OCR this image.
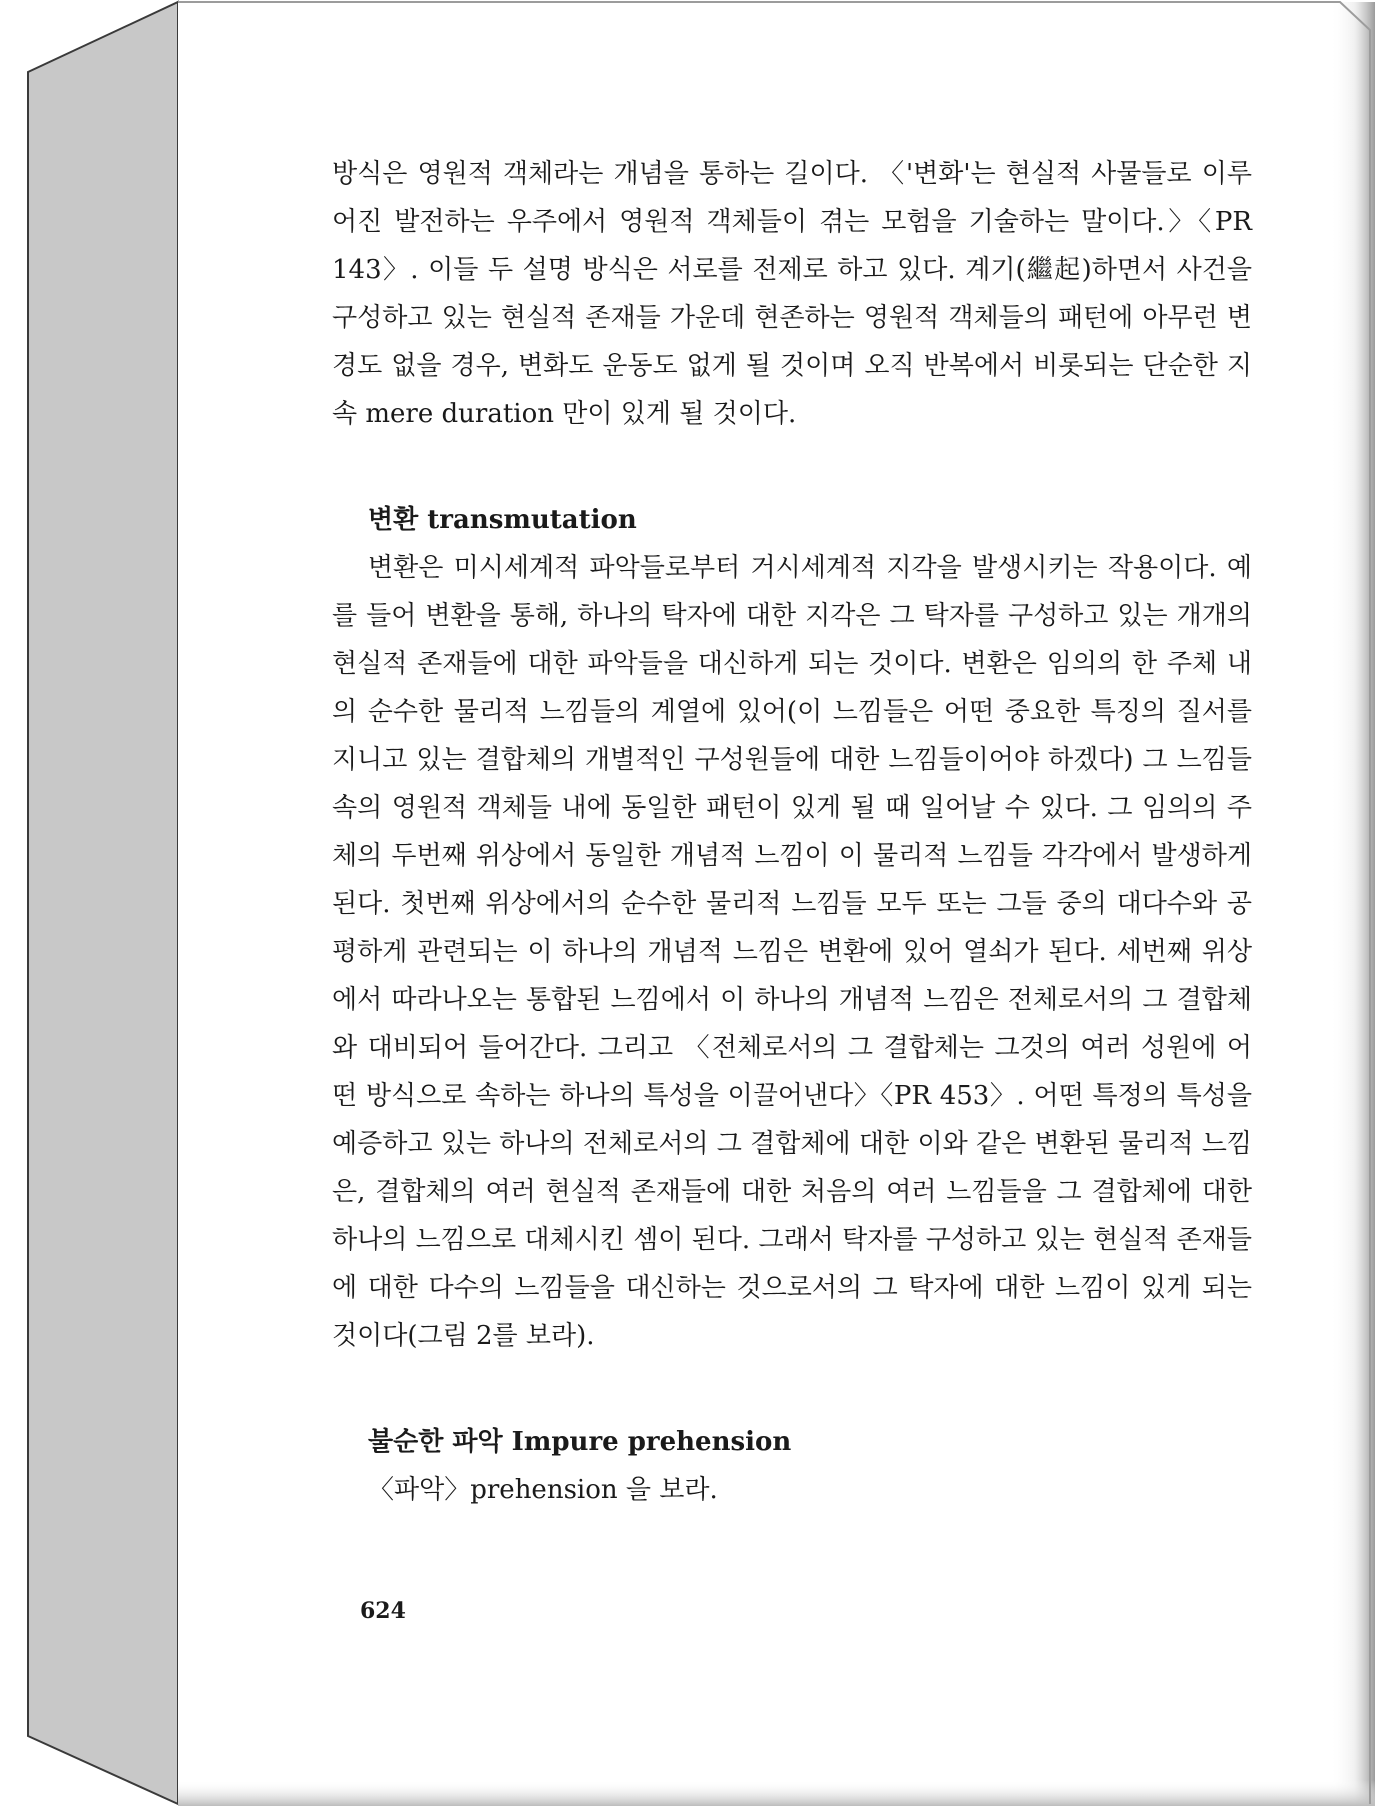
방식은 영원적 객체라는 개념을 통하는 길이다. 〈'변화'는 현실적 사물들로 이루어진 발전하는 우주에서 영원적 객체들이 겪는 모험을 기술하는 말이다.〉〈PR 143〉. 이들 두 설명 방식은 서로를 전제로 하고 있다. 계기(繼起)하면서 사건을 구성하고 있는 현실적 존재들 가운데 현존하는 영원적 객체들의 패턴에 아무런 변경도 없을 경우, 변화도 운동도 없게 될 것이며 오직 반복에서 비롯되는 단순한 지속 mere duration 만이 있게 될 것이다.

변환 transmutation

변환은 미시세계적 파악들로부터 거시세계적 지각을 발생시키는 작용이다. 예를 들어 변환을 통해, 하나의 탁자에 대한 지각은 그 탁자를 구성하고 있는 개개의 현실적 존재들에 대한 파악들을 대신하게 되는 것이다. 변환은 임의의 한 주체 내의 순수한 물리적 느낌들의 계열에 있어(이 느낌들은 어떤 중요한 특징의 질서를 지니고 있는 결합체의 개별적인 구성원들에 대한 느낌들이어야 하겠다) 그 느낌들 속의 영원적 객체들 내에 동일한 패턴이 있게 될 때 일어날 수 있다. 그 임의의 주체의 두번째 위상에서 동일한 개념적 느낌이 이 물리적 느낌들 각각에서 발생하게 된다. 첫번째 위상에서의 순수한 물리적 느낌들 모두 또는 그들 중의 대다수와 공평하게 관련되는 이 하나의 개념적 느낌은 변환에 있어 열쇠가 된다. 세번째 위상에서 따라나오는 통합된 느낌에서 이 하나의 개념적 느낌은 전체로서의 그 결합체와 대비되어 들어간다. 그리고 〈전체로서의 그 결합체는 그것의 여러 성원에 어떤 방식으로 속하는 하나의 특성을 이끌어낸다〉〈PR 453〉. 어떤 특정의 특성을 예증하고 있는 하나의 전체로서의 그 결합체에 대한 이와 같은 변환된 물리적 느낌은, 결합체의 여러 현실적 존재들에 대한 처음의 여러 느낌들을 그 결합체에 대한 하나의 느낌으로 대체시킨 셈이 된다. 그래서 탁자를 구성하고 있는 현실적 존재들에 대한 다수의 느낌들을 대신하는 것으로서의 그 탁자에 대한 느낌이 있게 되는 것이다(그림 2를 보라).

불순한 파악 Impure prehension

〈파악〉prehension 을 보라.

624
